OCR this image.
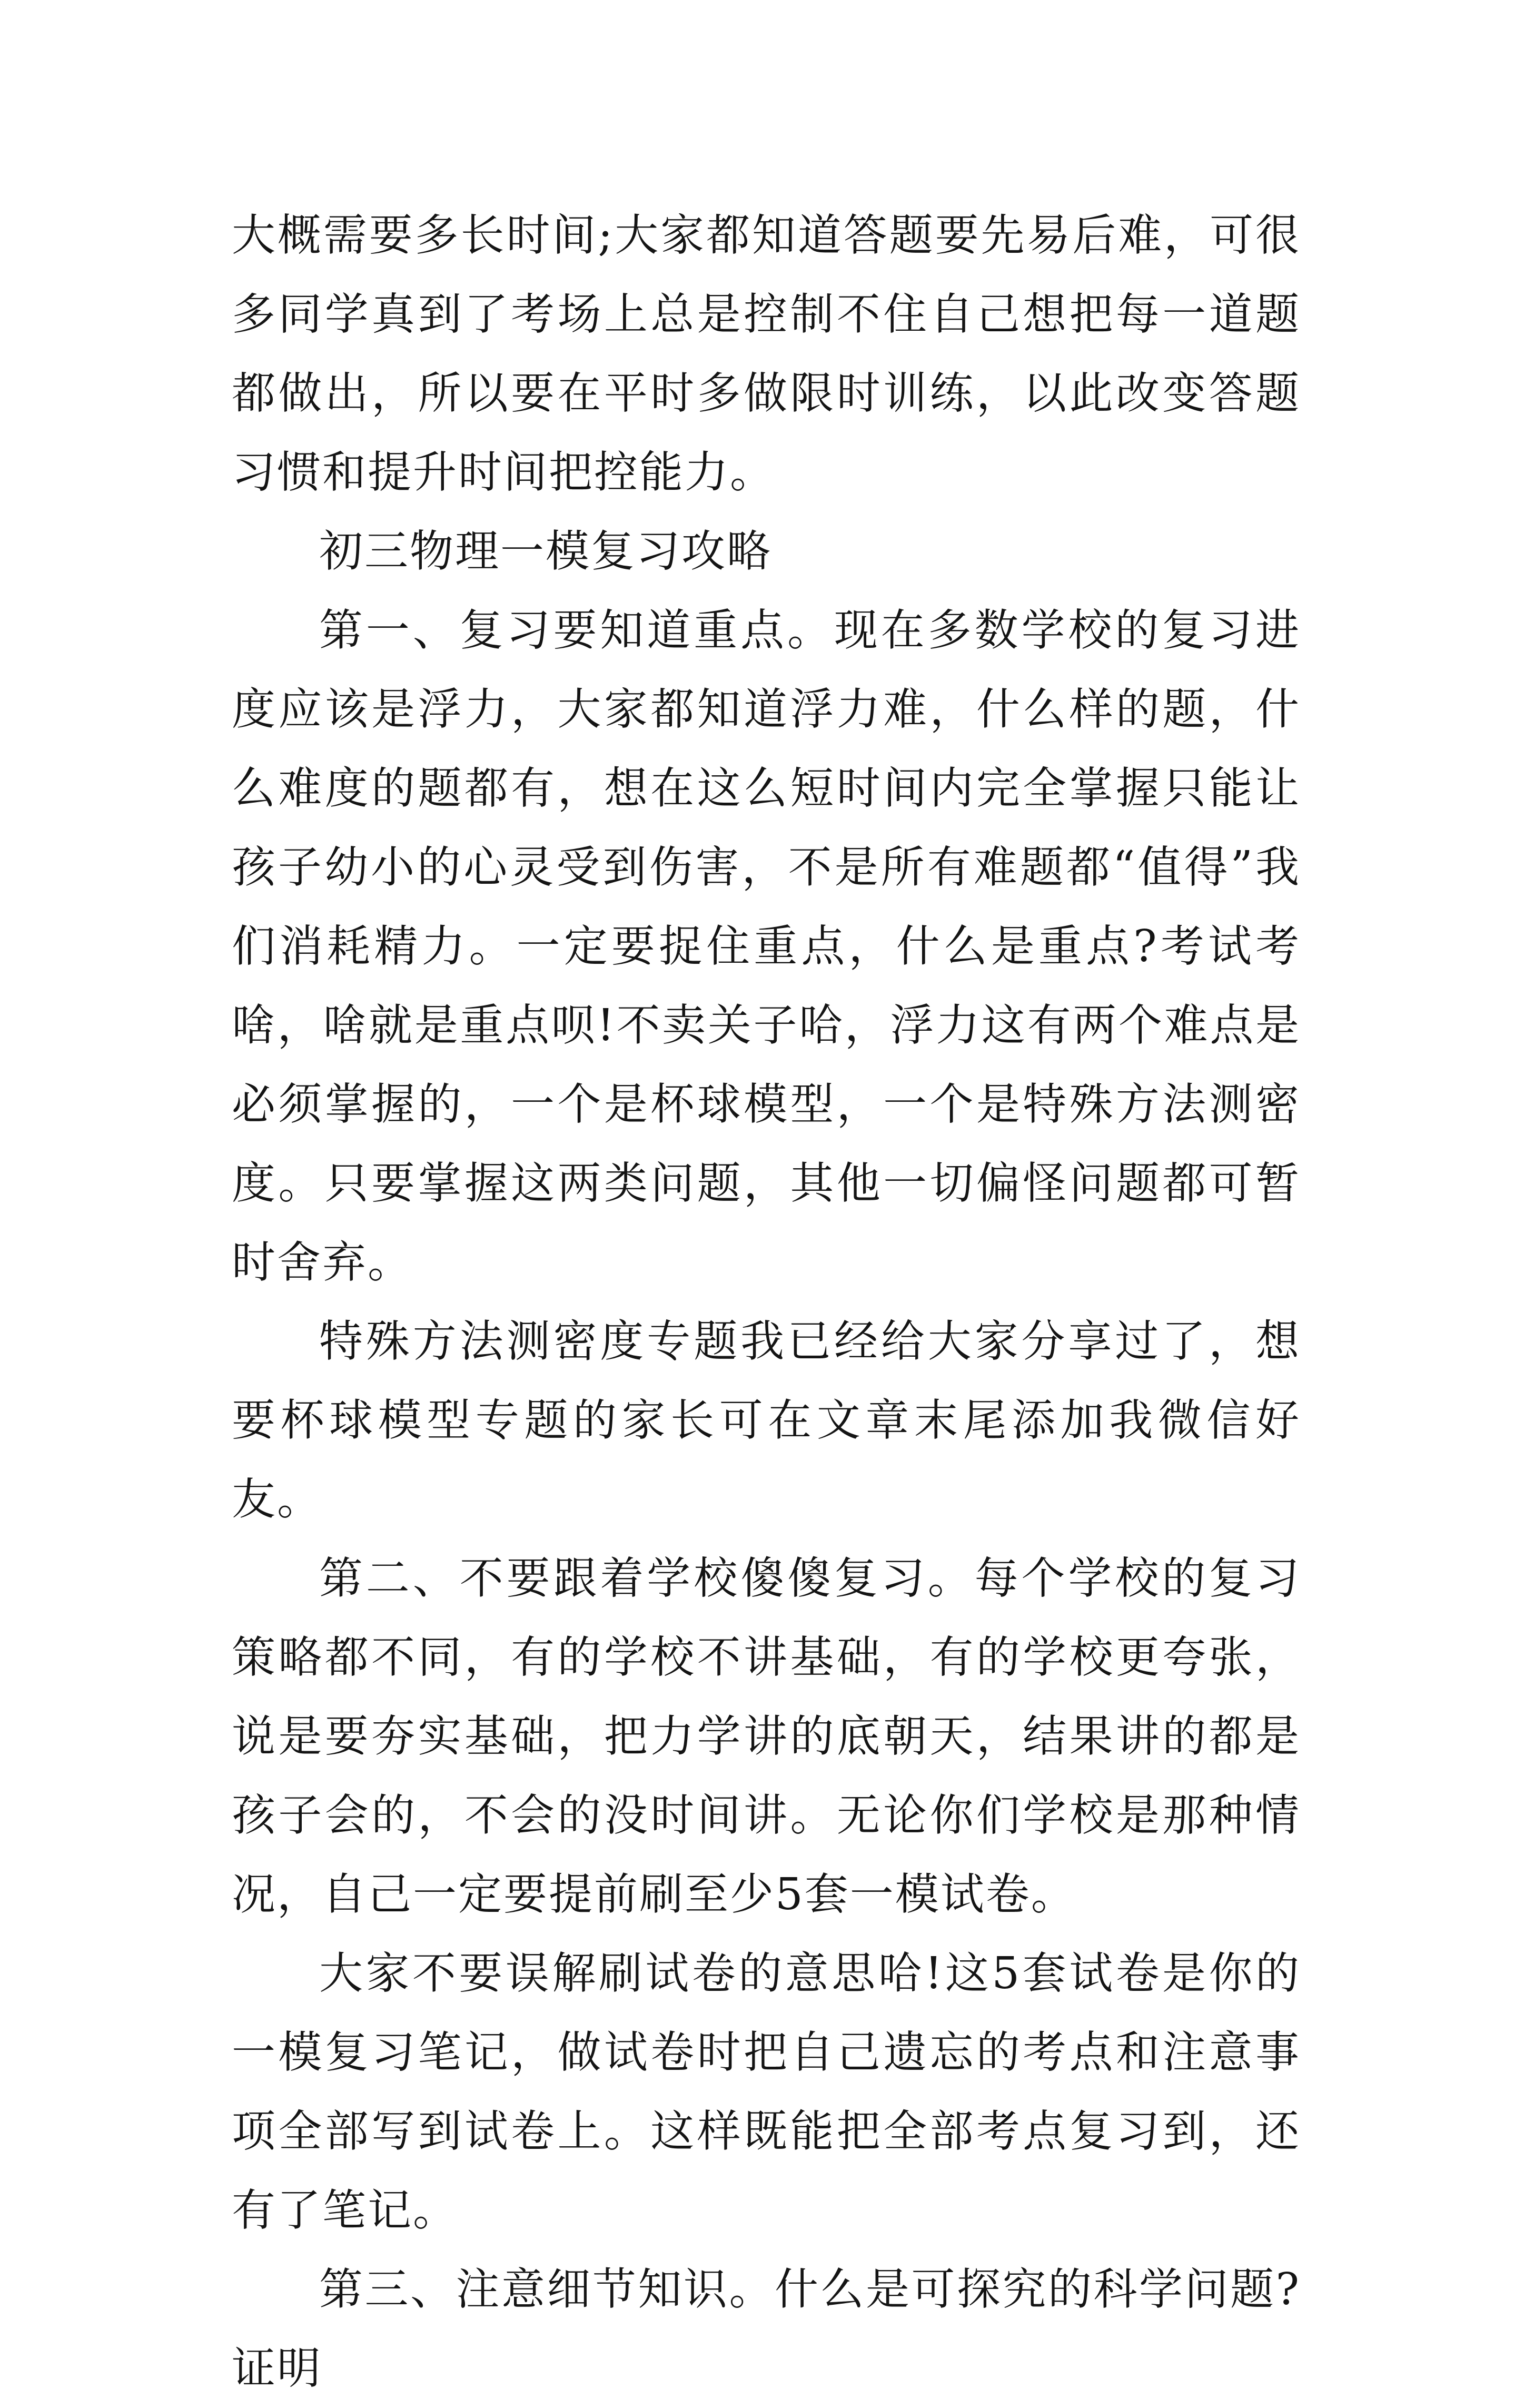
大概需要多长时间;大家都知道答题要先易后难，可很多同学真到了考场上总是控制不住自己想把每一道题都做出，所以要在平时多做限时训练，以此改变答题习惯和提升时间把控能力。

初三物理一模复习攻略

第一、复习要知道重点。现在多数学校的复习进度应该是浮力，大家都知道浮力难，什么样的题，什么难度的题都有，想在这么短时间内完全掌握只能让孩子幼小的心灵受到伤害，不是所有难题都“值得”我们消耗精力。一定要捉住重点，什么是重点?考试考啥，啥就是重点呗!不卖关子哈，浮力这有两个难点是必须掌握的，一个是杯球模型，一个是特殊方法测密度。只要掌握这两类问题，其他一切偏怪问题都可暂时舍弃。

特殊方法测密度专题我已经给大家分享过了，想要杯球模型专题的家长可在文章末尾添加我微信好友。

第二、不要跟着学校傻傻复习。每个学校的复习策略都不同，有的学校不讲基础，有的学校更夸张，说是要夯实基础，把力学讲的底朝天，结果讲的都是孩子会的，不会的没时间讲。无论你们学校是那种情况，自己一定要提前刷至少5套一模试卷。

大家不要误解刷试卷的意思哈!这5套试卷是你的一模复习笔记，做试卷时把自己遗忘的考点和注意事项全部写到试卷上。这样既能把全部考点复习到，还有了笔记。

第三、注意细节知识。什么是可探究的科学问题?证明
